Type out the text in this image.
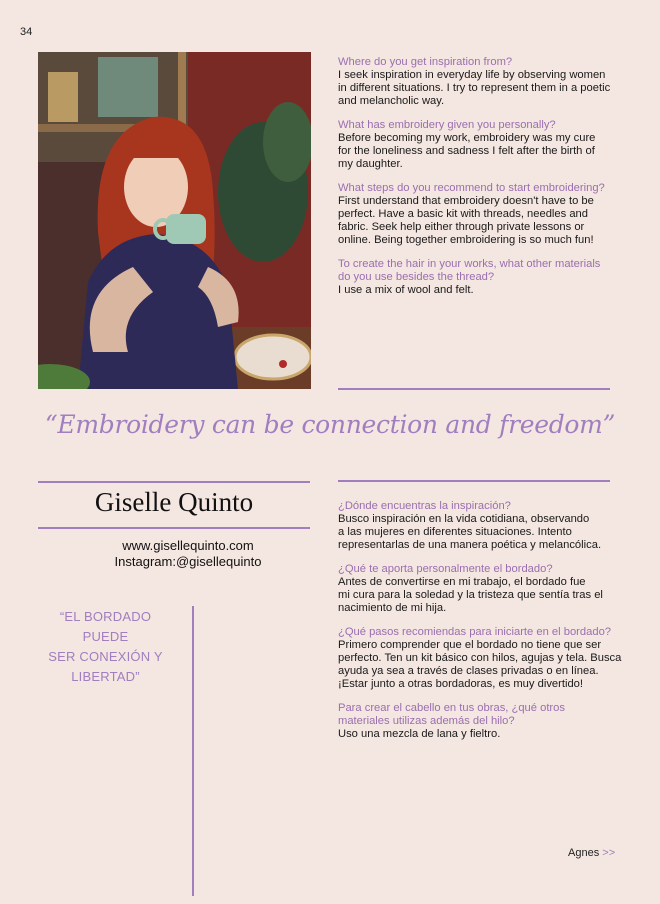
34
Where do you get inspiration from?
I seek inspiration in everyday life by observing women
in different situations. I try to represent them in a poetic
and melancholic way.
What has embroidery given you personally?
Before becoming my work, embroidery was my cure
for the loneliness and sadness I felt after the birth of
my daughter.
What steps do you recommend to start embroidering?
First understand that embroidery doesn't have to be
perfect. Have a basic kit with threads, needles and
fabric. Seek help either through private lessons or
online. Being together embroidering is so much fun!
To create the hair in your works, what other materials
do you use besides the thread?
I use a mix of wool and felt.
“Embroidery can be connection and freedom”
Giselle Quinto
www.gisellequinto.com
Instagram:@gisellequinto
“EL BORDADO PUEDE
SER CONEXIÓN Y
LIBERTAD”
¿Dónde encuentras la inspiración?
Busco inspiración en la vida cotidiana, observando
a las mujeres en diferentes situaciones. Intento
representarlas de una manera poética y melancólica.
¿Qué te aporta personalmente el bordado?
Antes de convertirse en mi trabajo, el bordado fue
mi cura para la soledad y la tristeza que sentía tras el
nacimiento de mi hija.
¿Qué pasos recomiendas para iniciarte en el bordado?
Primero comprender que el bordado no tiene que ser
perfecto. Ten un kit básico con hilos, agujas y tela. Busca
ayuda ya sea a través de clases privadas o en línea.
¡Estar junto a otras bordadoras, es muy divertido!
Para crear el cabello en tus obras, ¿qué otros
materiales utilizas además del hilo?
Uso una mezcla de lana y fieltro.
Agnes >>
